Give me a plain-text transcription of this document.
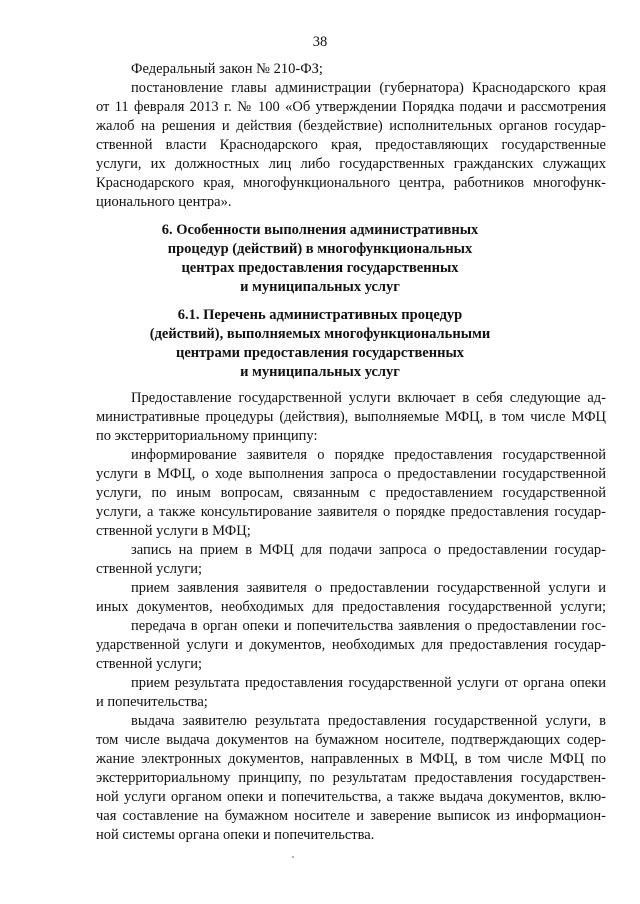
38
Федеральный закон № 210-ФЗ;
постановление главы администрации (губернатора) Краснодарского края
от 11 февраля 2013 г. № 100 «Об утверждении Порядка подачи и рассмотрения
жалоб на решения и действия (бездействие) исполнительных органов государ-
ственной власти Краснодарского края, предоставляющих государственные
услуги, их должностных лиц либо государственных гражданских служащих
Краснодарского края, многофункционального центра, работников многофунк-
ционального центра».
6. Особенности выполнения административных
процедур (действий) в многофункциональных
центрах предоставления государственных
и муниципальных услуг
6.1. Перечень административных процедур
(действий), выполняемых многофункциональными
центрами предоставления государственных
и муниципальных услуг
Предоставление государственной услуги включает в себя следующие ад-
министративные процедуры (действия), выполняемые МФЦ, в том числе МФЦ
по экстерриториальному принципу:
информирование заявителя о порядке предоставления государственной
услуги в МФЦ, о ходе выполнения запроса о предоставлении государственной
услуги, по иным вопросам, связанным с предоставлением государственной
услуги, а также консультирование заявителя о порядке предоставления государ-
ственной услуги в МФЦ;
запись на прием в МФЦ для подачи запроса о предоставлении государ-
ственной услуги;
прием заявления заявителя о предоставлении государственной услуги и
иных документов, необходимых для предоставления государственной услуги;
передача в орган опеки и попечительства заявления о предоставлении гос-
ударственной услуги и документов, необходимых для предоставления государ-
ственной услуги;
прием результата предоставления государственной услуги от органа опеки
и попечительства;
выдача заявителю результата предоставления государственной услуги, в
том числе выдача документов на бумажном носителе, подтверждающих содер-
жание электронных документов, направленных в МФЦ, в том числе МФЦ по
экстерриториальному принципу, по результатам предоставления государствен-
ной услуги органом опеки и попечительства, а также выдача документов, вклю-
чая составление на бумажном носителе и заверение выписок из информацион-
ной системы органа опеки и попечительства.
